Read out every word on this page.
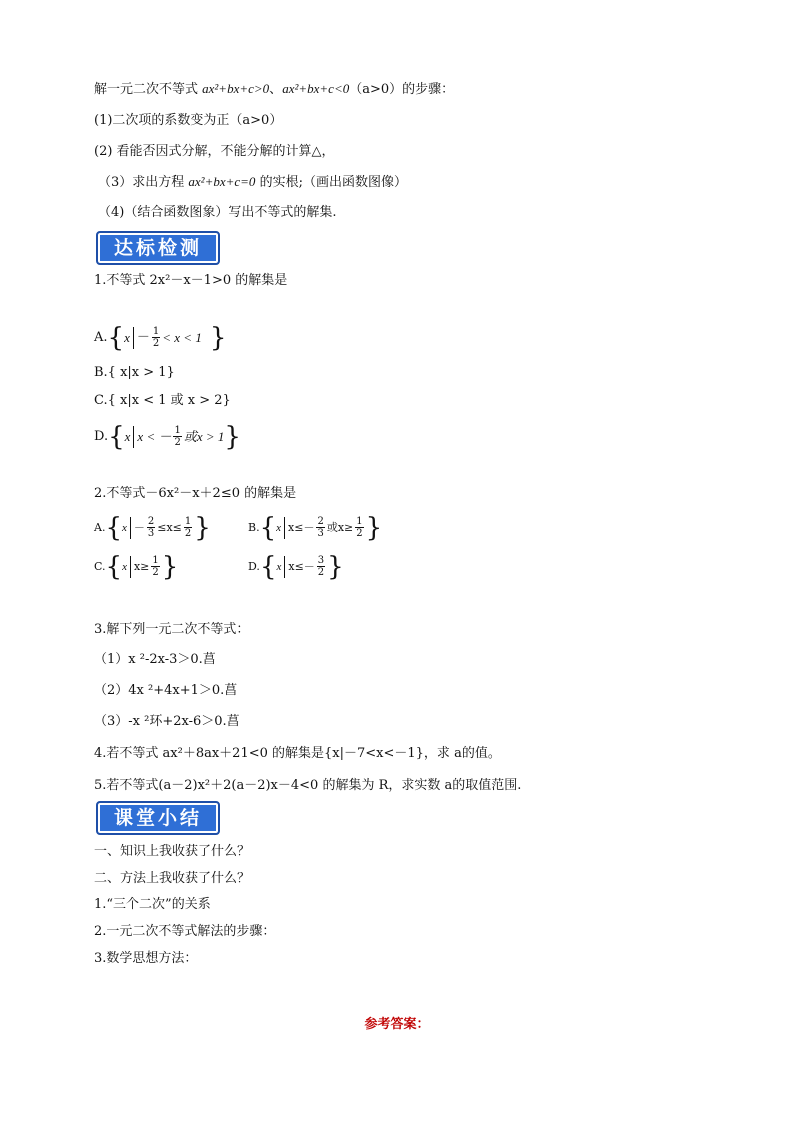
解一元二次不等式 ax²+bx+c>0、ax²+bx+c<0（a>0）的步骤：
(1)二次项的系数变为正（a>0）
(2) 看能否因式分解，不能分解的计算△，
（3）求出方程 ax²+bx+c=0 的实根;（画出函数图像）
（4)（结合函数图象）写出不等式的解集.
达标检测
1.不等式 2x²－x－1>0 的解集是
A. { $x - \frac{1}{2} < x < 1$ }
B.{ x|x > 1}
C.{ x|x < 1 或 x > 2}
D. { x x < － $\frac{1}{2}$ 或x > 1 }
2.不等式－6x²－x＋2≤0 的解集是
A. { $x - \frac{2}{3} \le x\le \frac{1}{2}$ }	B. { x $x\le- \frac{2}{3}$ 或$x\ge \frac{1}{2}$ }
C. { x $x\ge \frac{1}{2}$ }	D. { x $x\le- \frac{3}{2}$ }
3.解下列一元二次不等式：
（1）x ²-2x-3＞0.菖
（2）4x ²+4x+1＞0.菖
（3）-x ²环+2x-6＞0.菖
4.若不等式 ax²＋8ax＋21<0 的解集是{x|－7<x<－1}，求 a的值。
5.若不等式(a－2)x²＋2(a－2)x－4<0 的解集为 R，求实数 a的取值范围.
课堂小结
一、知识上我收获了什么？
二、方法上我收获了什么？
1.“三个二次”的关系
2.一元二次不等式解法的步骤：
3.数学思想方法：
参考答案：
